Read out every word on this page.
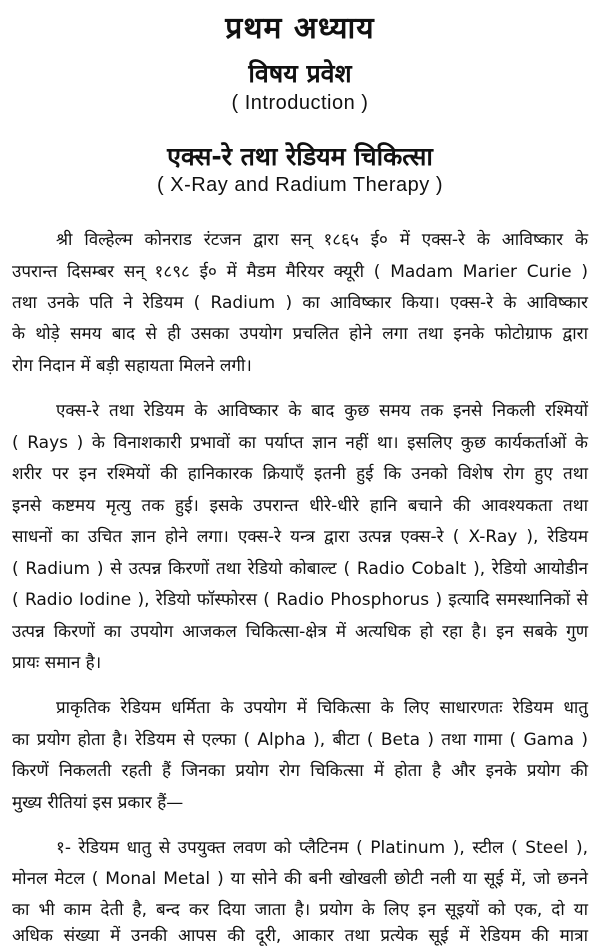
प्रथम अध्याय
विषय प्रवेश
( Introduction )
एक्स-रे तथा रेडियम चिकित्सा
( X-Ray and Radium Therapy )
श्री विल्हेल्म कोनराड रंटजन द्वारा सन् १८६५ ई० में एक्स-रे के आविष्कार के
उपरान्त दिसम्बर सन् १८९८ ई० में मैडम मैरियर क्यूरी ( Madam Marier Curie )
तथा उनके पति ने रेडियम ( Radium ) का आविष्कार किया। एक्स-रे के आविष्कार
के थोड़े समय बाद से ही उसका उपयोग प्रचलित होने लगा तथा इनके फोटोग्राफ द्वारा
रोग निदान में बड़ी सहायता मिलने लगी।
एक्स-रे तथा रेडियम के आविष्कार के बाद कुछ समय तक इनसे निकली रश्मियों
( Rays ) के विनाशकारी प्रभावों का पर्याप्त ज्ञान नहीं था। इसलिए कुछ कार्यकर्ताओं के
शरीर पर इन रश्मियों की हानिकारक क्रियाएँ इतनी हुई कि उनको विशेष रोग हुए तथा
इनसे कष्टमय मृत्यु तक हुई। इसके उपरान्त धीरे-धीरे हानि बचाने की आवश्यकता तथा
साधनों का उचित ज्ञान होने लगा। एक्स-रे यन्त्र द्वारा उत्पन्न एक्स-रे ( X-Ray ), रेडियम
( Radium ) से उत्पन्न किरणों तथा रेडियो कोबाल्ट ( Radio Cobalt ), रेडियो आयोडीन
( Radio Iodine ), रेडियो फॉस्फोरस ( Radio Phosphorus ) इत्यादि समस्थानिकों से
उत्पन्न किरणों का उपयोग आजकल चिकित्सा-क्षेत्र में अत्यधिक हो रहा है। इन सबके गुण
प्रायः समान है।
प्राकृतिक रेडियम धर्मिता के उपयोग में चिकित्सा के लिए साधारणतः रेडियम धातु
का प्रयोग होता है। रेडियम से एल्फा ( Alpha ), बीटा ( Beta ) तथा गामा ( Gama )
किरणें निकलती रहती हैं जिनका प्रयोग रोग चिकित्सा में होता है और इनके प्रयोग की
मुख्य रीतियां इस प्रकार हैं—
१- रेडियम धातु से उपयुक्त लवण को प्लैटिनम ( Platinum ), स्टील ( Steel ),
मोनल मेटल ( Monal Metal ) या सोने की बनी खोखली छोटी नली या सूई में, जो छनने
का भी काम देती है, बन्द कर दिया जाता है। प्रयोग के लिए इन सूइयों को एक, दो या
अधिक संख्या में उनकी आपस की दूरी, आकार तथा प्रत्येक सूई में रेडियम की मात्रा
